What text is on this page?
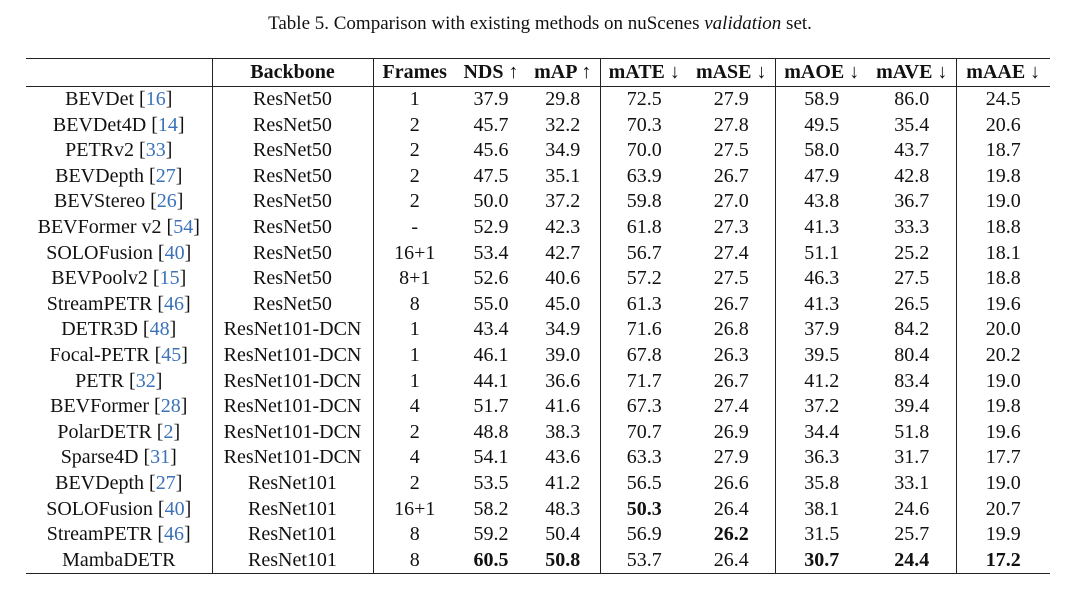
Table 5. Comparison with existing methods on nuScenes validation set.
	Backbone	Frames	NDS ↑	mAP ↑	mATE ↓	mASE ↓	mAOE ↓	mAVE ↓	mAAE ↓
BEVDet [16]	ResNet50	1	37.9	29.8	72.5	27.9	58.9	86.0	24.5
BEVDet4D [14]	ResNet50	2	45.7	32.2	70.3	27.8	49.5	35.4	20.6
PETRv2 [33]	ResNet50	2	45.6	34.9	70.0	27.5	58.0	43.7	18.7
BEVDepth [27]	ResNet50	2	47.5	35.1	63.9	26.7	47.9	42.8	19.8
BEVStereo [26]	ResNet50	2	50.0	37.2	59.8	27.0	43.8	36.7	19.0
BEVFormer v2 [54]	ResNet50	-	52.9	42.3	61.8	27.3	41.3	33.3	18.8
SOLOFusion [40]	ResNet50	16+1	53.4	42.7	56.7	27.4	51.1	25.2	18.1
BEVPoolv2 [15]	ResNet50	8+1	52.6	40.6	57.2	27.5	46.3	27.5	18.8
StreamPETR [46]	ResNet50	8	55.0	45.0	61.3	26.7	41.3	26.5	19.6
DETR3D [48]	ResNet101-DCN	1	43.4	34.9	71.6	26.8	37.9	84.2	20.0
Focal-PETR [45]	ResNet101-DCN	1	46.1	39.0	67.8	26.3	39.5	80.4	20.2
PETR [32]	ResNet101-DCN	1	44.1	36.6	71.7	26.7	41.2	83.4	19.0
BEVFormer [28]	ResNet101-DCN	4	51.7	41.6	67.3	27.4	37.2	39.4	19.8
PolarDETR [2]	ResNet101-DCN	2	48.8	38.3	70.7	26.9	34.4	51.8	19.6
Sparse4D [31]	ResNet101-DCN	4	54.1	43.6	63.3	27.9	36.3	31.7	17.7
BEVDepth [27]	ResNet101	2	53.5	41.2	56.5	26.6	35.8	33.1	19.0
SOLOFusion [40]	ResNet101	16+1	58.2	48.3	50.3	26.4	38.1	24.6	20.7
StreamPETR [46]	ResNet101	8	59.2	50.4	56.9	26.2	31.5	25.7	19.9
MambaDETR	ResNet101	8	60.5	50.8	53.7	26.4	30.7	24.4	17.2
